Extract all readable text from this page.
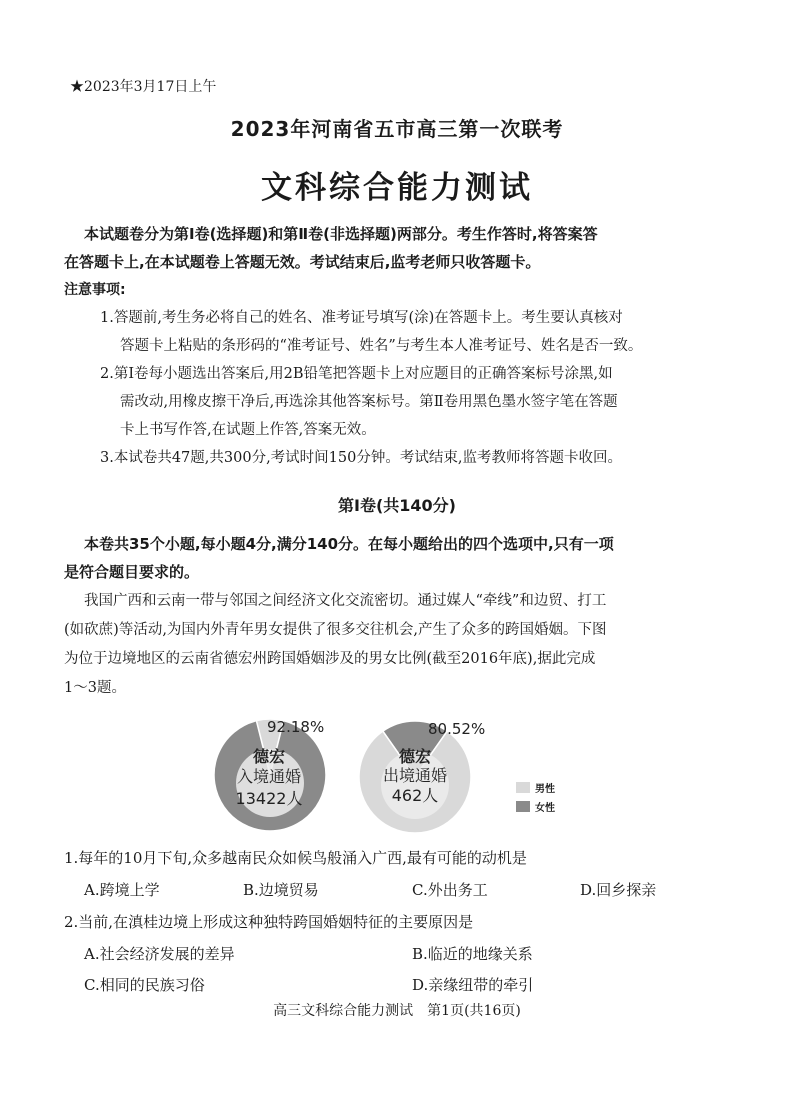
★2023年3月17日上午
2023年河南省五市高三第一次联考
文科综合能力测试
本试题卷分为第Ⅰ卷(选择题)和第Ⅱ卷(非选择题)两部分。考生作答时,将答案答
在答题卡上,在本试题卷上答题无效。考试结束后,监考老师只收答题卡。
注意事项:
1.答题前,考生务必将自己的姓名、准考证号填写(涂)在答题卡上。考生要认真核对
答题卡上粘贴的条形码的“准考证号、姓名”与考生本人准考证号、姓名是否一致。
2.第Ⅰ卷每小题选出答案后,用2B铅笔把答题卡上对应题目的正确答案标号涂黑,如
需改动,用橡皮擦干净后,再选涂其他答案标号。第Ⅱ卷用黑色墨水签字笔在答题
卡上书写作答,在试题上作答,答案无效。
3.本试卷共47题,共300分,考试时间150分钟。考试结束,监考教师将答题卡收回。
第Ⅰ卷(共140分)
本卷共35个小题,每小题4分,满分140分。在每小题给出的四个选项中,只有一项
是符合题目要求的。
我国广西和云南一带与邻国之间经济文化交流密切。通过媒人“牵线”和边贸、打工
(如砍蔗)等活动,为国内外青年男女提供了很多交往机会,产生了众多的跨国婚姻。下图
为位于边境地区的云南省德宏州跨国婚姻涉及的男女比例(截至2016年底),据此完成
1～3题。
92.18%
德宏
入境通婚
13422人
80.52%
德宏
出境通婚
462人	男性
女性
1.每年的10月下旬,众多越南民众如候鸟般涌入广西,最有可能的动机是
A.跨境上学	B.边境贸易	C.外出务工	D.回乡探亲
2.当前,在滇桂边境上形成这种独特跨国婚姻特征的主要原因是
A.社会经济发展的差异	B.临近的地缘关系
C.相同的民族习俗	D.亲缘纽带的牵引
高三文科综合能力测试　第1页(共16页)
